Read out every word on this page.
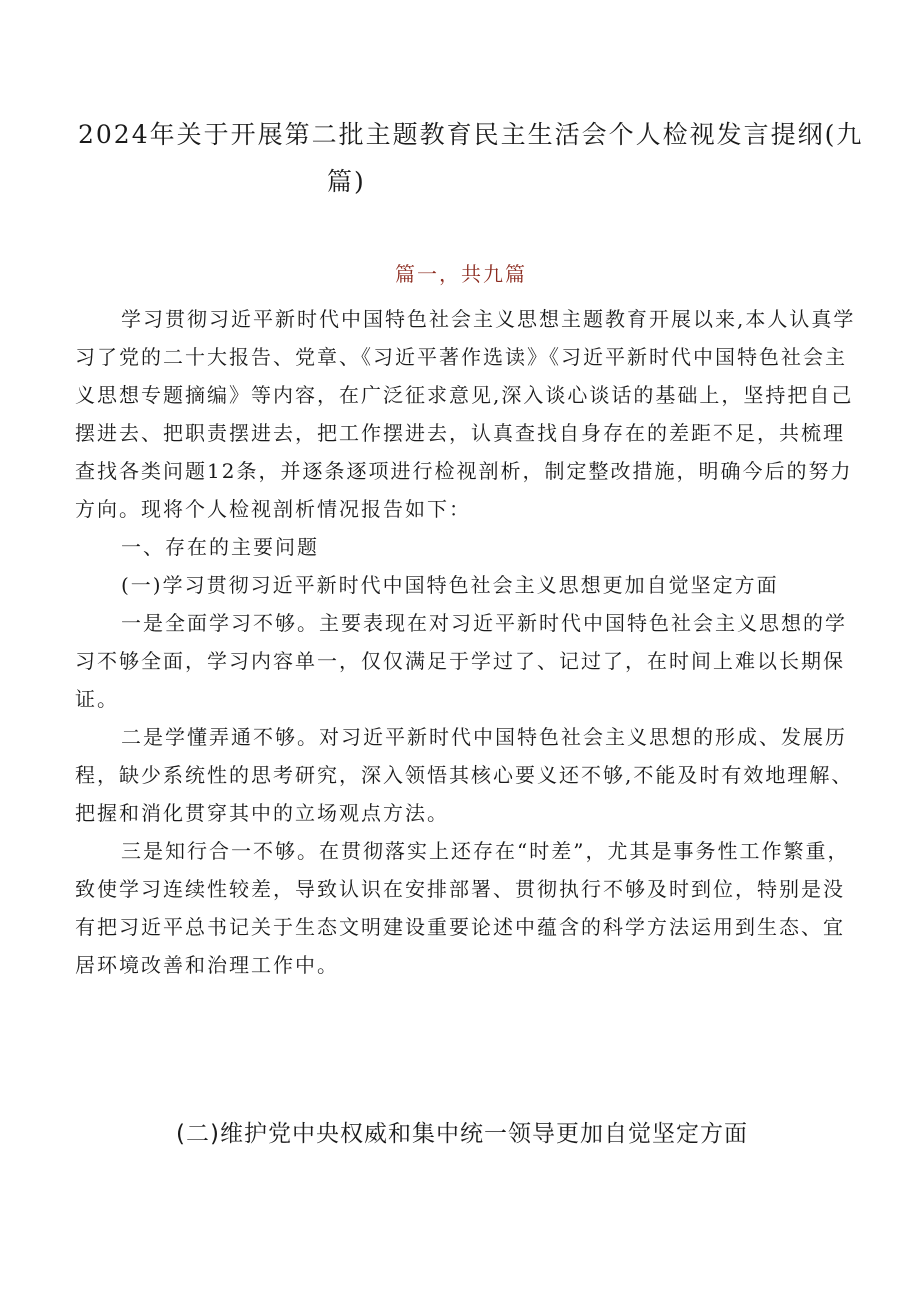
2024年关于开展第二批主题教育民主生活会个人检视发言提纲(九
篇)
篇一，共九篇

学习贯彻习近平新时代中国特色社会主义思想主题教育开展以来,本人认真学习了党的二十大报告、党章、《习近平著作选读》《习近平新时代中国特色社会主义思想专题摘编》等内容，在广泛征求意见,深入谈心谈话的基础上，坚持把自己摆进去、把职责摆进去，把工作摆进去，认真查找自身存在的差距不足，共梳理查找各类问题12条，并逐条逐项进行检视剖析，制定整改措施，明确今后的努力方向。现将个人检视剖析情况报告如下：

一、存在的主要问题

(一)学习贯彻习近平新时代中国特色社会主义思想更加自觉坚定方面

一是全面学习不够。主要表现在对习近平新时代中国特色社会主义思想的学习不够全面，学习内容单一，仅仅满足于学过了、记过了，在时间上难以长期保证。

二是学懂弄通不够。对习近平新时代中国特色社会主义思想的形成、发展历程，缺少系统性的思考研究，深入领悟其核心要义还不够,不能及时有效地理解、把握和消化贯穿其中的立场观点方法。

三是知行合一不够。在贯彻落实上还存在“时差”，尤其是事务性工作繁重，致使学习连续性较差，导致认识在安排部署、贯彻执行不够及时到位，特别是没有把习近平总书记关于生态文明建设重要论述中蕴含的科学方法运用到生态、宜居环境改善和治理工作中。

(二)维护党中央权威和集中统一领导更加自觉坚定方面
